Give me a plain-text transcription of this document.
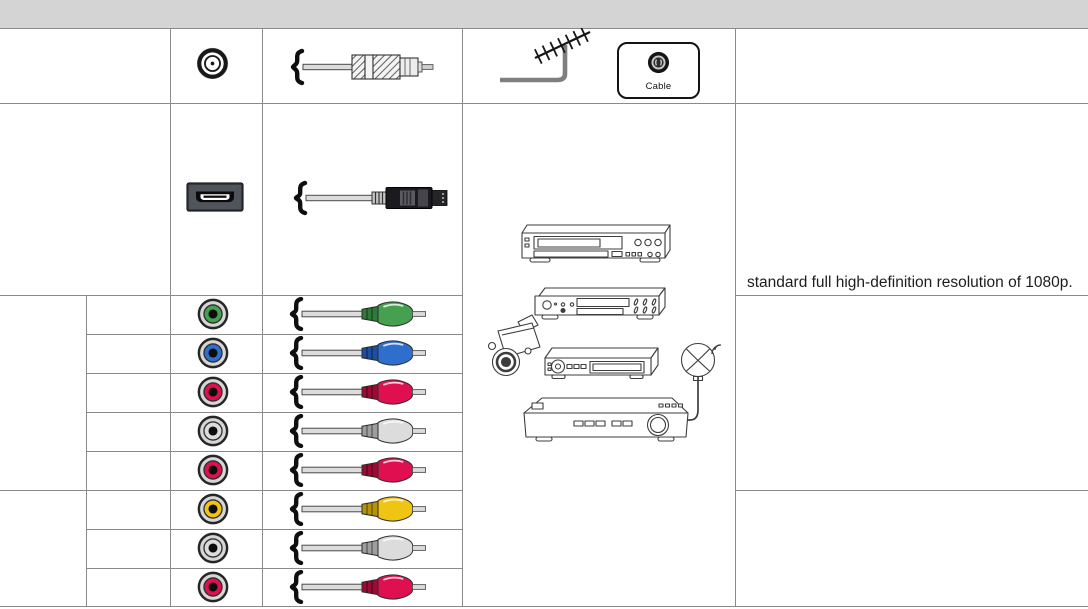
Cable
standard full high-definition resolution of 1080p.
